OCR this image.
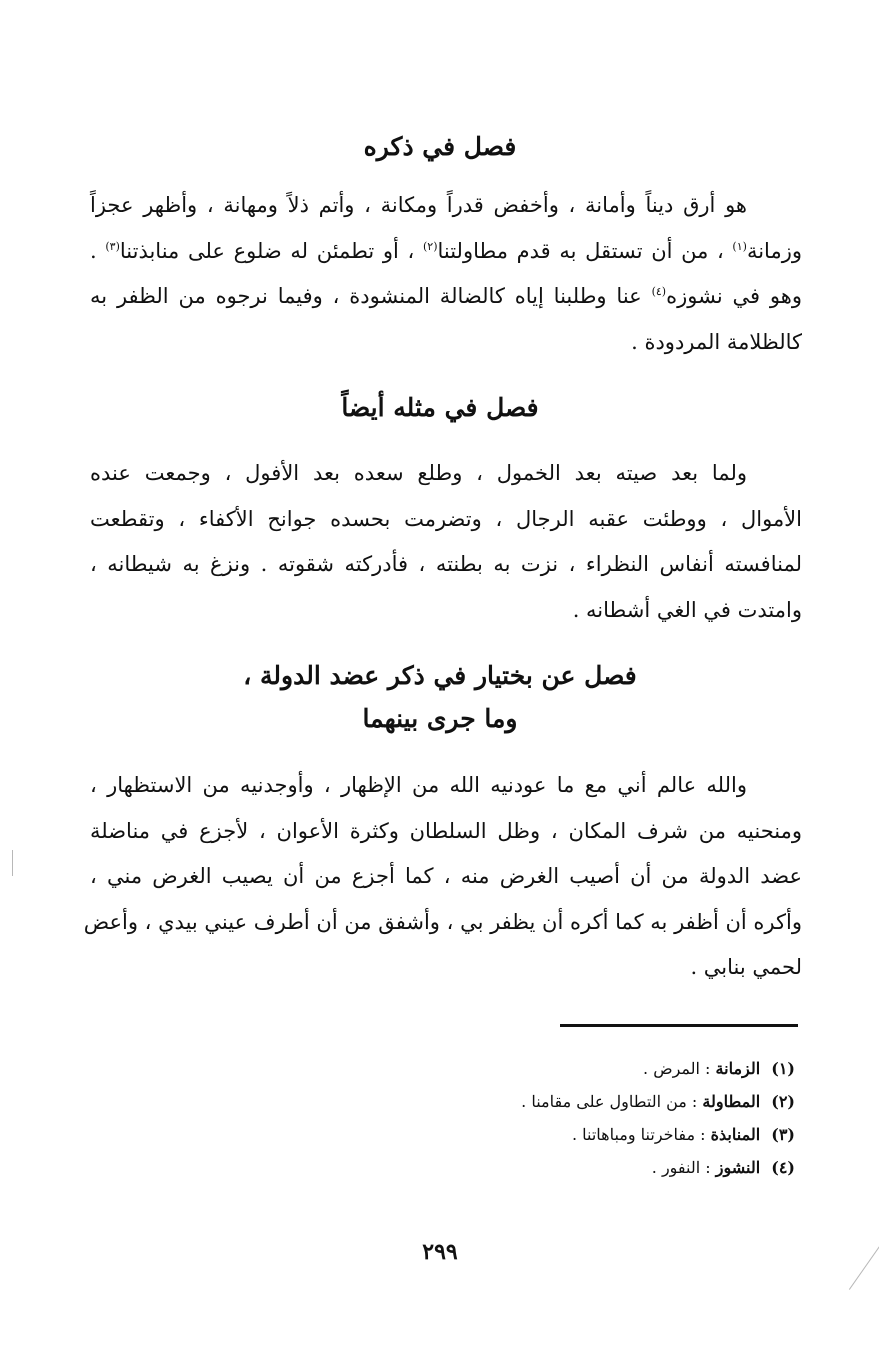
فصل في ذكره
هو أرق ديناً وأمانة ، وأخفض قدراً ومكانة ، وأتم ذلاً ومهانة ، وأظهر عجزاً
وزمانة$^{(١)}$ ، من أن تستقل به قدم مطاولتنا$^{(٢)}$ ، أو تطمئن له ضلوع على منابذتنا$^{(٣)}$ .
وهو في نشوزه$^{(٤)}$ عنا وطلبنا إياه كالضالة المنشودة ، وفيما نرجوه من الظفر به
كالظلامة المردودة .
فصل في مثله أيضاً
ولما بعد صيته بعد الخمول ، وطلع سعده بعد الأفول ، وجمعت عنده
الأموال ، ووطئت عقبه الرجال ، وتضرمت بحسده جوانح الأكفاء ، وتقطعت
لمنافسته أنفاس النظراء ، نزت به بطنته ، فأدركته شقوته . ونزغ به شيطانه ،
وامتدت في الغي أشطانه .
فصل عن بختيار في ذكر عضد الدولة ،
وما جرى بينهما
والله عالم أني مع ما عودنيه الله من الإظهار ، وأوجدنيه من الاستظهار ،
ومنحنيه من شرف المكان ، وظل السلطان وكثرة الأعوان ، لأجزع في مناضلة
عضد الدولة من أن أصيب الغرض منه ، كما أجزع من أن يصيب الغرض مني ،
وأكره أن أظفر به كما أكره أن يظفر بي ، وأشفق من أن أطرف عيني بيدي ، وأعض
لحمي بنابي .
(١) الزمانة : المرض .
(٢) المطاولة : من التطاول على مقامنا .
(٣) المنابذة : مفاخرتنا ومباهاتنا .
(٤) النشوز : النفور .
٢٩٩
